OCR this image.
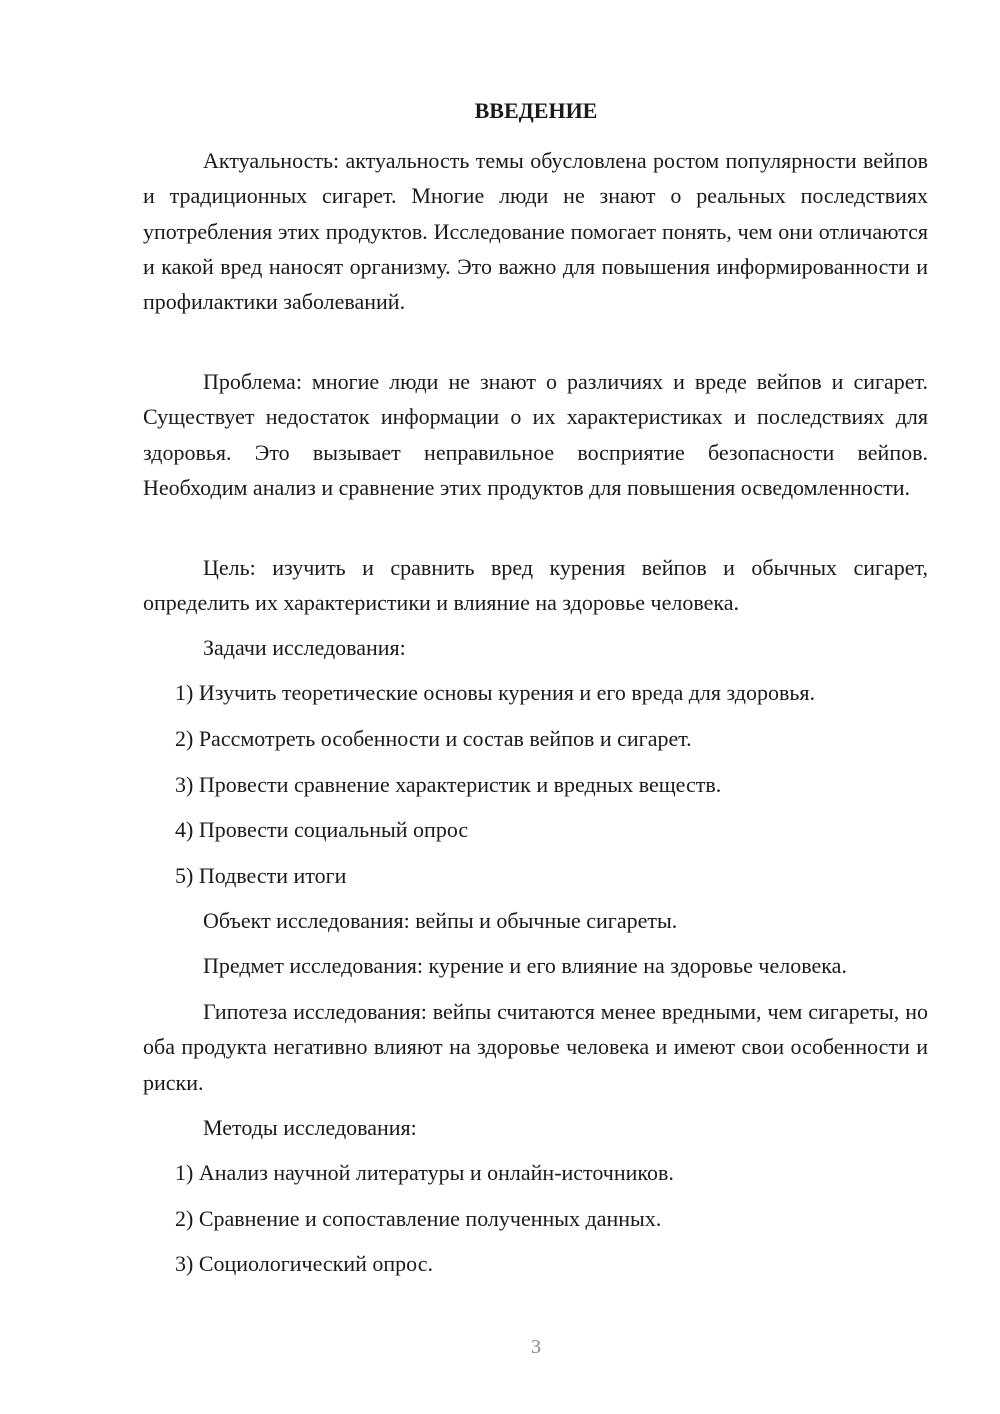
ВВЕДЕНИЕ

Актуальность: актуальность темы обусловлена ростом популярности вейпов и традиционных сигарет. Многие люди не знают о реальных последствиях употребления этих продуктов. Исследование помогает понять, чем они отличаются и какой вред наносят организму. Это важно для повышения информированности и профилактики заболеваний.

Проблема: многие люди не знают о различиях и вреде вейпов и сигарет. Существует недостаток информации о их характеристиках и последствиях для здоровья. Это вызывает неправильное восприятие безопасности вейпов. Необходим анализ и сравнение этих продуктов для повышения осведомленности.

Цель: изучить и сравнить вред курения вейпов и обычных сигарет, определить их характеристики и влияние на здоровье человека.

Задачи исследования:

1) Изучить теоретические основы курения и его вреда для здоровья.

2) Рассмотреть особенности и состав вейпов и сигарет.

3) Провести сравнение характеристик и вредных веществ.

4) Провести социальный опрос

5) Подвести итоги

Объект исследования: вейпы и обычные сигареты.

Предмет исследования: курение и его влияние на здоровье человека.

Гипотеза исследования: вейпы считаются менее вредными, чем сигареты, но оба продукта негативно влияют на здоровье человека и имеют свои особенности и риски.

Методы исследования:

1) Анализ научной литературы и онлайн-источников.

2) Сравнение и сопоставление полученных данных.

3) Социологический опрос.

3
